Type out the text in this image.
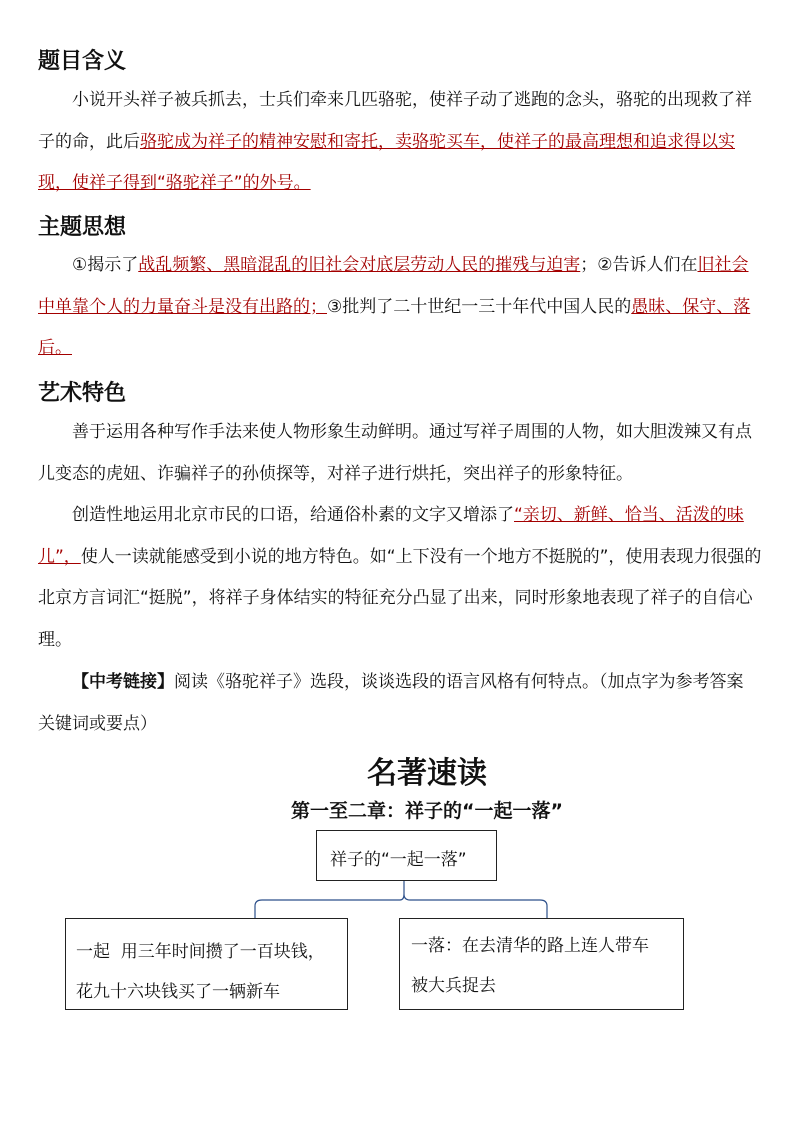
题目含义

小说开头祥子被兵抓去，士兵们牵来几匹骆驼，使祥子动了逃跑的念头，骆驼的出现救了祥子的命，此后骆驼成为祥子的精神安慰和寄托，卖骆驼买车，使祥子的最高理想和追求得以实现，使祥子得到“骆驼祥子”的外号。

主题思想

①揭示了战乱频繁、黑暗混乱的旧社会对底层劳动人民的摧残与迫害；②告诉人们在旧社会中单靠个人的力量奋斗是没有出路的；③批判了二十世纪一三十年代中国人民的愚昧、保守、落后。

艺术特色

善于运用各种写作手法来使人物形象生动鲜明。通过写祥子周围的人物，如大胆泼辣又有点儿变态的虎妞、诈骗祥子的孙侦探等，对祥子进行烘托，突出祥子的形象特征。

创造性地运用北京市民的口语，给通俗朴素的文字又增添了“亲切、新鲜、恰当、活泼的味儿”，使人一读就能感受到小说的地方特色。如“上下没有一个地方不挺脱的”，使用表现力很强的北京方言词汇“挺脱”，将祥子身体结实的特征充分凸显了出来，同时形象地表现了祥子的自信心理。

【中考链接】阅读《骆驼祥子》选段，谈谈选段的语言风格有何特点。（加点字为参考答案关键词或要点）

名著速读
第一至二章：祥子的“一起一落”

祥子的“一起一落”

一起  用三年时间攒了一百块钱，

花九十六块钱买了一辆新车

一落：在去清华的路上连人带车

被大兵捉去
